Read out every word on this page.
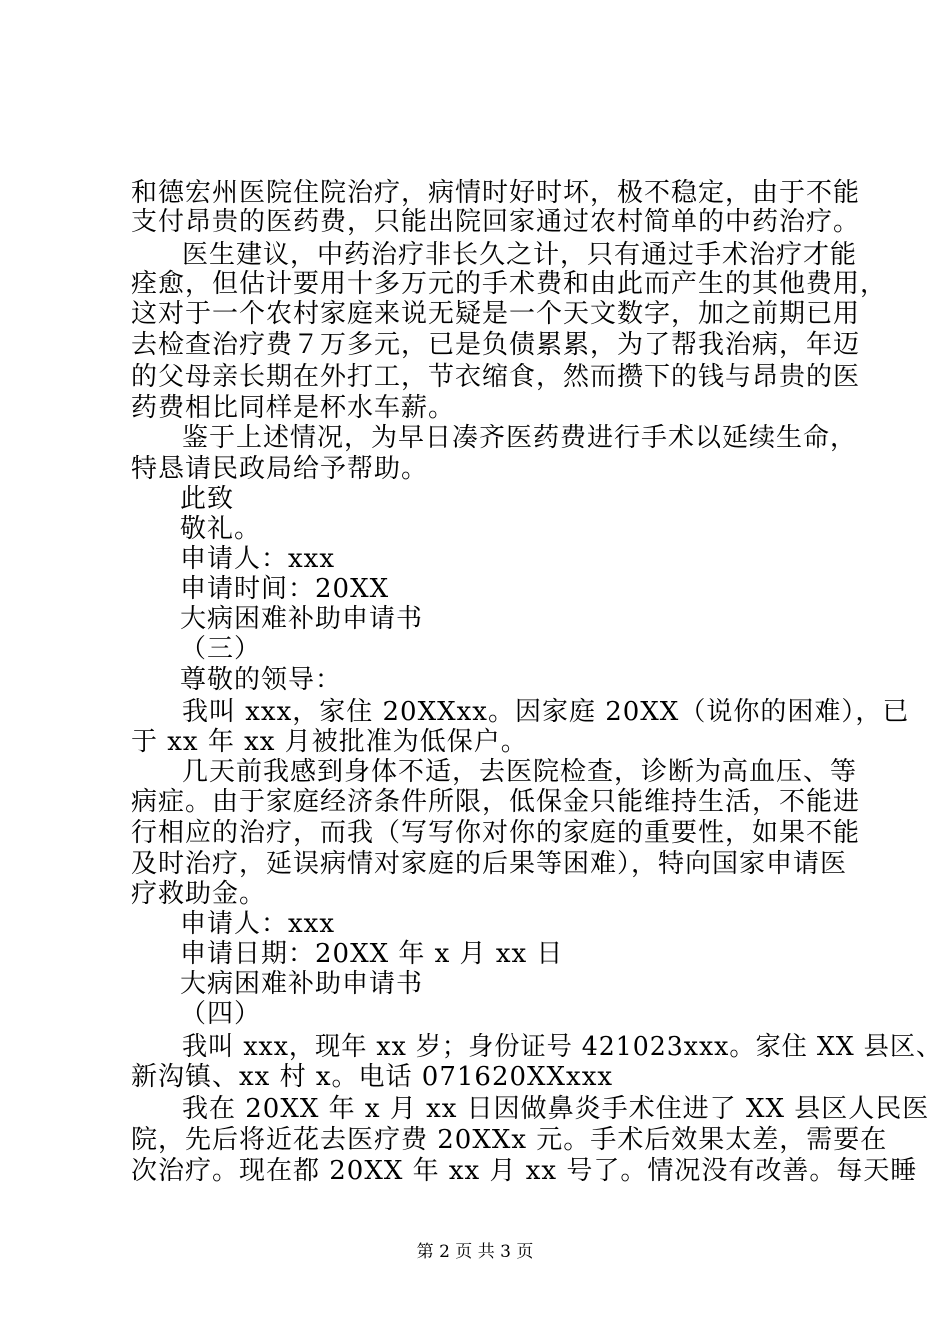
和德宏州医院住院治疗，病情时好时坏，极不稳定，由于不能
支付昂贵的医药费，只能出院回家通过农村简单的中药治疗。
医生建议，中药治疗非长久之计，只有通过手术治疗才能
痊愈，但估计要用十多万元的手术费和由此而产生的其他费用，
这对于一个农村家庭来说无疑是一个天文数字，加之前期已用
去检查治疗费７万多元，已是负债累累，为了帮我治病，年迈
的父母亲长期在外打工，节衣缩食，然而攒下的钱与昂贵的医
药费相比同样是杯水车薪。
鉴于上述情况，为早日凑齐医药费进行手术以延续生命，
特恳请民政局给予帮助。
此致
敬礼。
申请人：xxx
申请时间：20XX
大病困难补助申请书
（三）
尊敬的领导：
我叫 xxx，家住 20XXxx。因家庭 20XX（说你的困难），已
于 xx 年 xx 月被批准为低保户。
几天前我感到身体不适，去医院检查，诊断为高血压、等
病症。由于家庭经济条件所限，低保金只能维持生活，不能进
行相应的治疗，而我（写写你对你的家庭的重要性，如果不能
及时治疗，延误病情对家庭的后果等困难），特向国家申请医
疗救助金。
申请人：xxx
申请日期：20XX 年 x 月 xx 日
大病困难补助申请书
（四）
我叫 xxx，现年 xx 岁；身份证号 421023xxx。家住 XX 县区、
新沟镇、xx 村 x。电话 071620XXxxx
我在 20XX 年 x 月 xx 日因做鼻炎手术住进了 XX 县区人民医
院，先后将近花去医疗费 20XXx 元。手术后效果太差，需要在
次治疗。现在都 20XX 年 xx 月 xx 号了。情况没有改善。每天睡
第 2 页 共 3 页
